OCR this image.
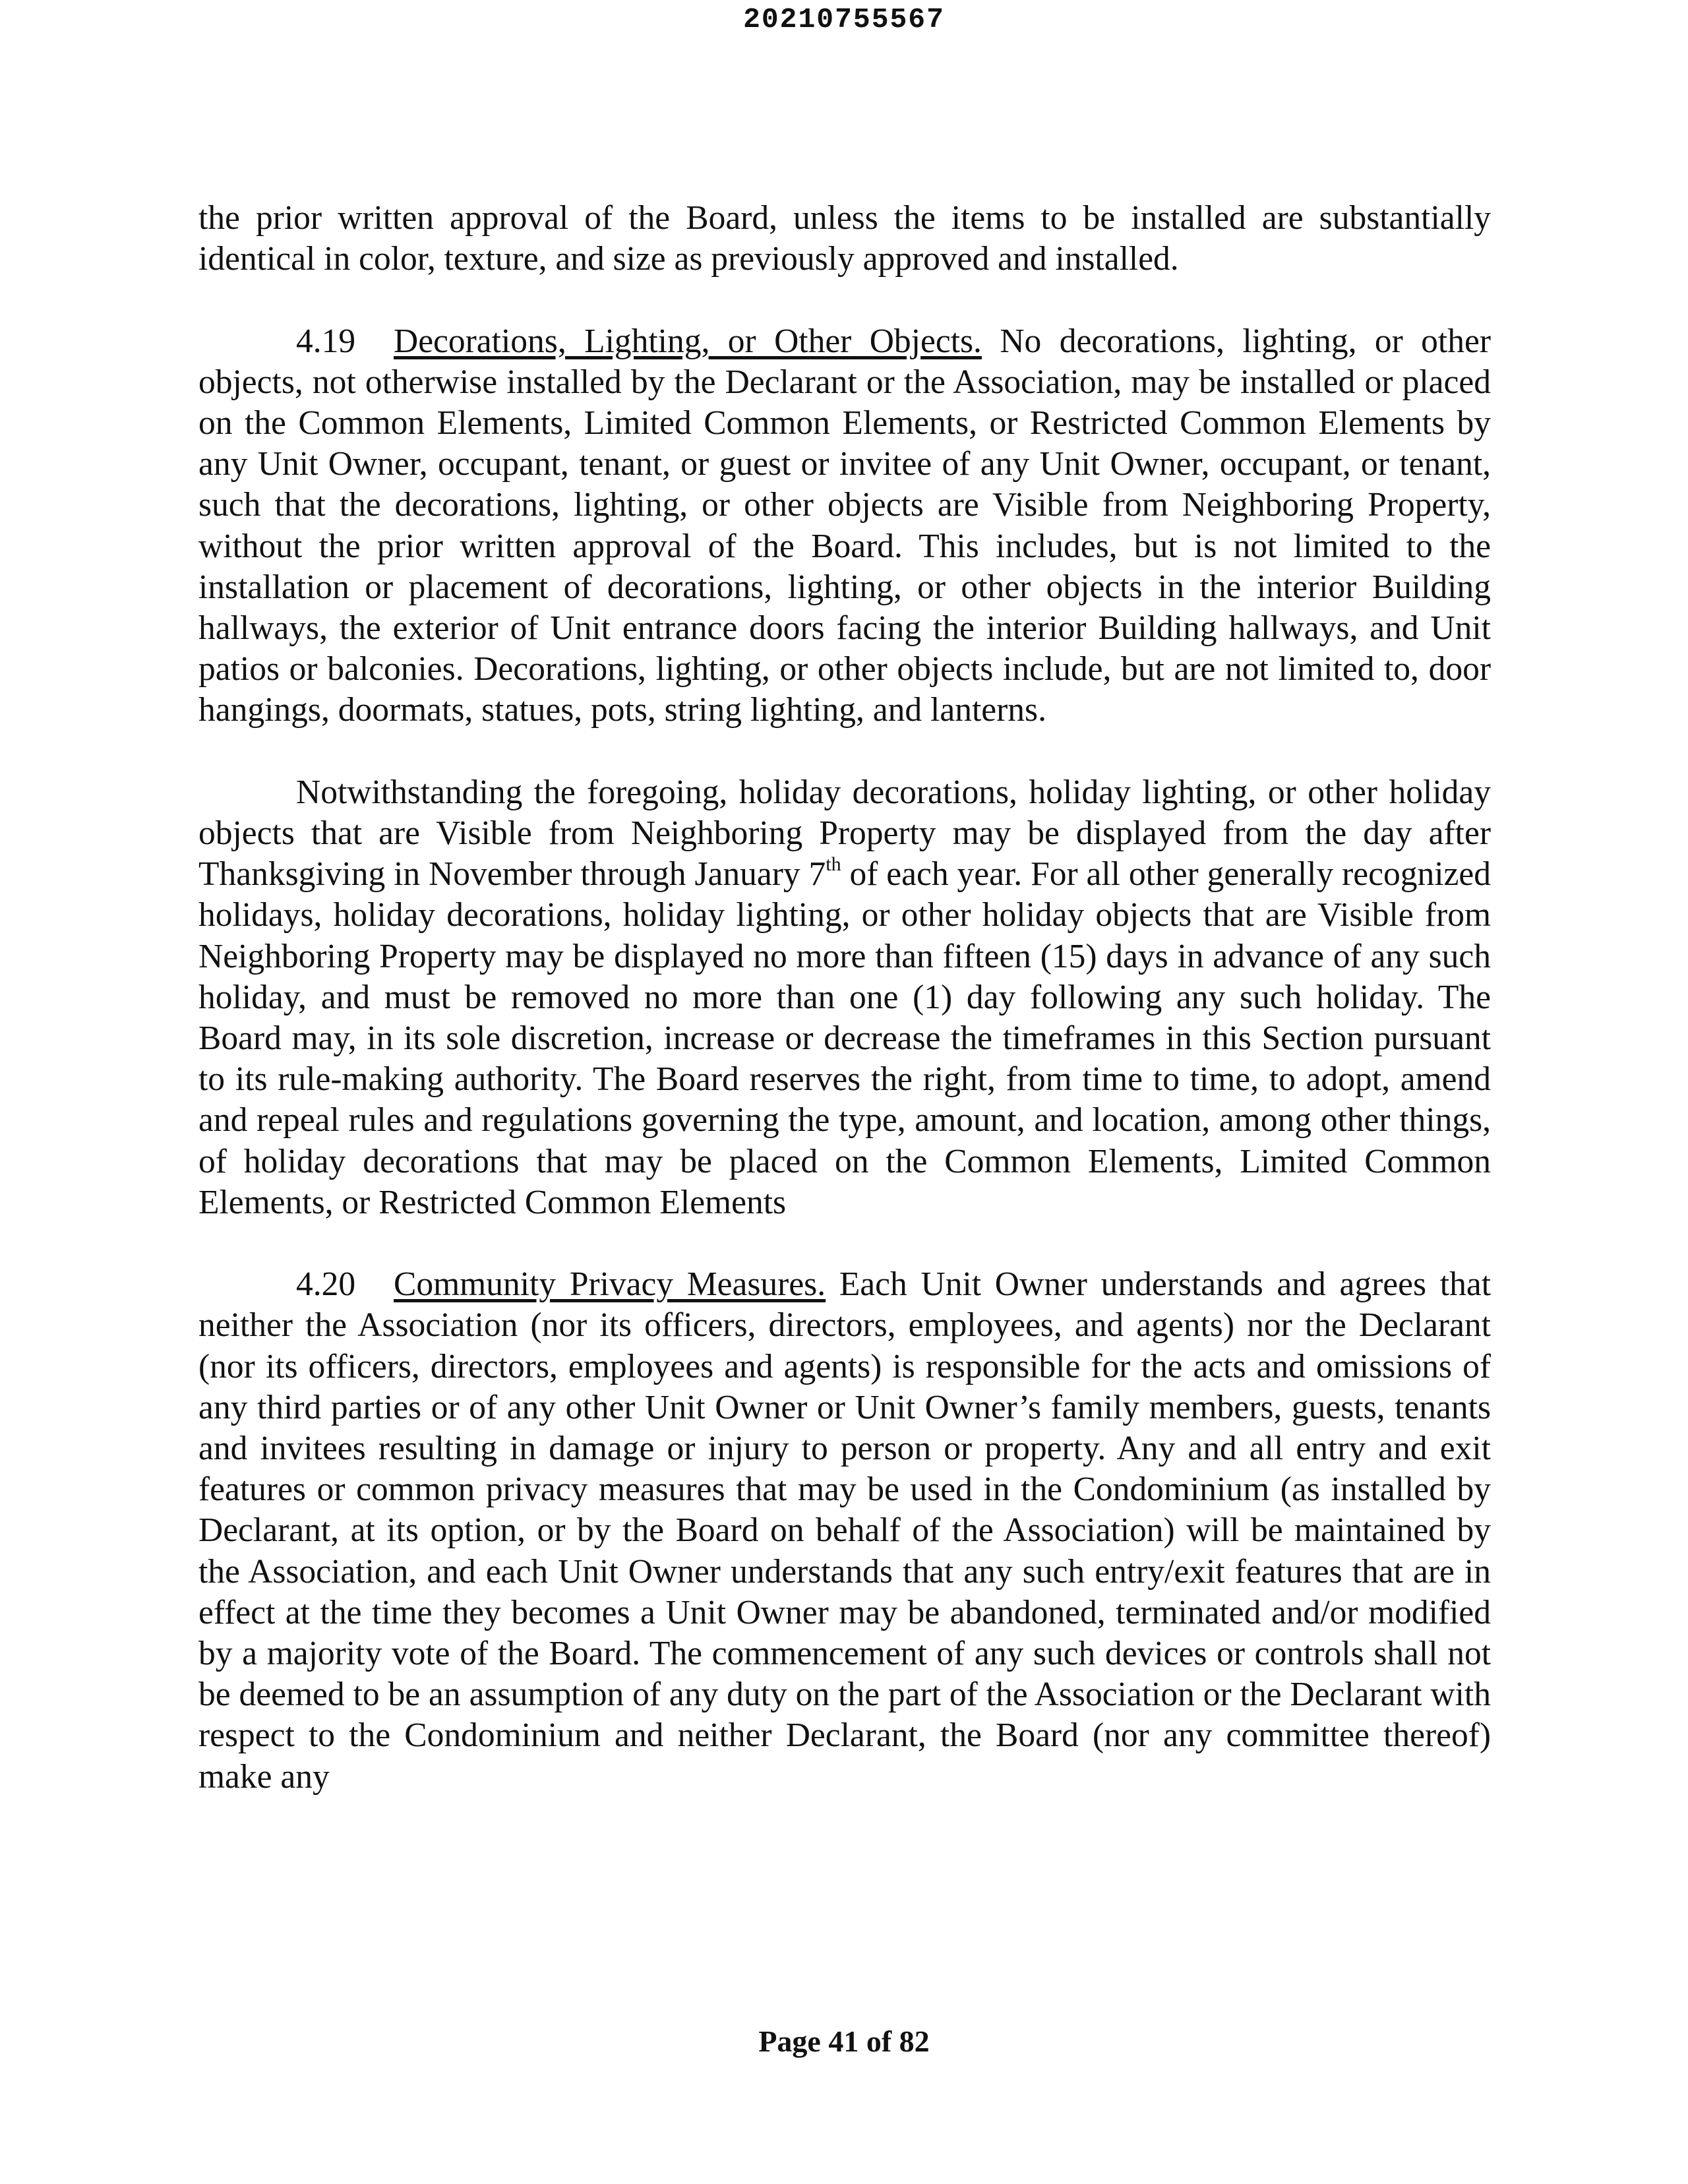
20210755567

the prior written approval of the Board, unless the items to be installed are substantially identical in color, texture, and size as previously approved and installed.

4.19 Decorations, Lighting, or Other Objects. No decorations, lighting, or other objects, not otherwise installed by the Declarant or the Association, may be installed or placed on the Common Elements, Limited Common Elements, or Restricted Common Elements by any Unit Owner, occupant, tenant, or guest or invitee of any Unit Owner, occupant, or tenant, such that the decorations, lighting, or other objects are Visible from Neighboring Property, without the prior written approval of the Board. This includes, but is not limited to the installation or placement of decorations, lighting, or other objects in the interior Building hallways, the exterior of Unit entrance doors facing the interior Building hallways, and Unit patios or balconies. Decorations, lighting, or other objects include, but are not limited to, door hangings, doormats, statues, pots, string lighting, and lanterns.

Notwithstanding the foregoing, holiday decorations, holiday lighting, or other holiday objects that are Visible from Neighboring Property may be displayed from the day after Thanksgiving in November through January 7th of each year. For all other generally recognized holidays, holiday decorations, holiday lighting, or other holiday objects that are Visible from Neighboring Property may be displayed no more than fifteen (15) days in advance of any such holiday, and must be removed no more than one (1) day following any such holiday. The Board may, in its sole discretion, increase or decrease the timeframes in this Section pursuant to its rule-making authority. The Board reserves the right, from time to time, to adopt, amend and repeal rules and regulations governing the type, amount, and location, among other things, of holiday decorations that may be placed on the Common Elements, Limited Common Elements, or Restricted Common Elements

4.20 Community Privacy Measures. Each Unit Owner understands and agrees that neither the Association (nor its officers, directors, employees, and agents) nor the Declarant (nor its officers, directors, employees and agents) is responsible for the acts and omissions of any third parties or of any other Unit Owner or Unit Owner’s family members, guests, tenants and invitees resulting in damage or injury to person or property. Any and all entry and exit features or common privacy measures that may be used in the Condominium (as installed by Declarant, at its option, or by the Board on behalf of the Association) will be maintained by the Association, and each Unit Owner understands that any such entry/exit features that are in effect at the time they becomes a Unit Owner may be abandoned, terminated and/or modified by a majority vote of the Board. The commencement of any such devices or controls shall not be deemed to be an assumption of any duty on the part of the Association or the Declarant with respect to the Condominium and neither Declarant, the Board (nor any committee thereof) make any

Page 41 of 82
